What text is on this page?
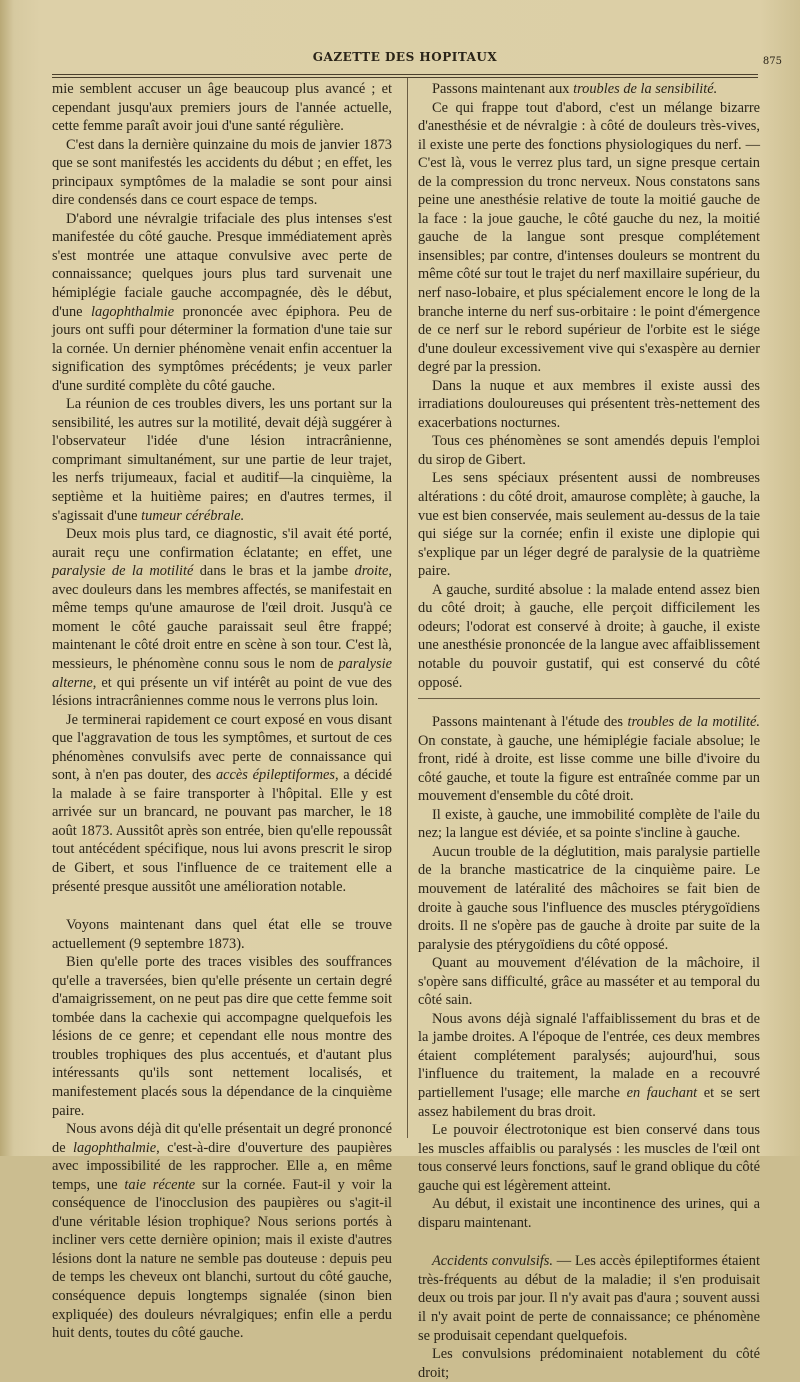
GAZETTE DES HOPITAUX	875

mie semblent accuser un âge beaucoup plus avancé ; et cependant jusqu'aux premiers jours de l'année actuelle, cette femme paraît avoir joui d'une santé régulière.

C'est dans la dernière quinzaine du mois de janvier 1873 que se sont manifestés les accidents du début ; en effet, les principaux symptômes de la maladie se sont pour ainsi dire condensés dans ce court espace de temps.

D'abord une névralgie trifaciale des plus intenses s'est manifestée du côté gauche. Presque immédiatement après s'est montrée une attaque convulsive avec perte de connaissance; quelques jours plus tard survenait une hémiplégie faciale gauche accompagnée, dès le début, d'une lagophthalmie prononcée avec épiphora. Peu de jours ont suffi pour déterminer la formation d'une taie sur la cornée. Un dernier phénomène venait enfin accentuer la signification des symptômes précédents; je veux parler d'une surdité complète du côté gauche.

La réunion de ces troubles divers, les uns portant sur la sensibilité, les autres sur la motilité, devait déjà suggérer à l'observateur l'idée d'une lésion intracrânienne, comprimant simultanément, sur une partie de leur trajet, les nerfs trijumeaux, facial et auditif—la cinquième, la septième et la huitième paires; en d'autres termes, il s'agissait d'une tumeur cérébrale.

Deux mois plus tard, ce diagnostic, s'il avait été porté, aurait reçu une confirmation éclatante; en effet, une paralysie de la motilité dans le bras et la jambe droite, avec douleurs dans les membres affectés, se manifestait en même temps qu'une amaurose de l'œil droit. Jusqu'à ce moment le côté gauche paraissait seul être frappé; maintenant le côté droit entre en scène à son tour. C'est là, messieurs, le phénomène connu sous le nom de paralysie alterne, et qui présente un vif intérêt au point de vue des lésions intracrâniennes comme nous le verrons plus loin.

Je terminerai rapidement ce court exposé en vous disant que l'aggravation de tous les symptômes, et surtout de ces phénomènes convulsifs avec perte de connaissance qui sont, à n'en pas douter, des accès épileptiformes, a décidé la malade à se faire transporter à l'hôpital. Elle y est arrivée sur un brancard, ne pouvant pas marcher, le 18 août 1873. Aussitôt après son entrée, bien qu'elle repoussât tout antécédent spécifique, nous lui avons prescrit le sirop de Gibert, et sous l'influence de ce traitement elle a présenté presque aussitôt une amélioration notable.

Voyons maintenant dans quel état elle se trouve actuellement (9 septembre 1873).

Bien qu'elle porte des traces visibles des souffrances qu'elle a traversées, bien qu'elle présente un certain degré d'amaigrissement, on ne peut pas dire que cette femme soit tombée dans la cachexie qui accompagne quelquefois les lésions de ce genre; et cependant elle nous montre des troubles trophiques des plus accentués, et d'autant plus intéressants qu'ils sont nettement localisés, et manifestement placés sous la dépendance de la cinquième paire.

Nous avons déjà dit qu'elle présentait un degré prononcé de lagophthalmie, c'est-à-dire d'ouverture des paupières avec impossibilité de les rapprocher. Elle a, en même temps, une taie récente sur la cornée. Faut-il y voir la conséquence de l'inocclusion des paupières ou s'agit-il d'une véritable lésion trophique? Nous serions portés à incliner vers cette dernière opinion; mais il existe d'autres lésions dont la nature ne semble pas douteuse : depuis peu de temps les cheveux ont blanchi, surtout du côté gauche, conséquence depuis longtemps signalée (sinon bien expliquée) des douleurs névralgiques; enfin elle a perdu huit dents, toutes du côté gauche.

Passons maintenant aux troubles de la sensibilité.

Ce qui frappe tout d'abord, c'est un mélange bizarre d'anesthésie et de névralgie : à côté de douleurs très-vives, il existe une perte des fonctions physiologiques du nerf. — C'est là, vous le verrez plus tard, un signe presque certain de la compression du tronc nerveux. Nous constatons sans peine une anesthésie relative de toute la moitié gauche de la face : la joue gauche, le côté gauche du nez, la moitié gauche de la langue sont presque complétement insensibles; par contre, d'intenses douleurs se montrent du même côté sur tout le trajet du nerf maxillaire supérieur, du nerf naso-lobaire, et plus spécialement encore le long de la branche interne du nerf sus-orbitaire : le point d'émergence de ce nerf sur le rebord supérieur de l'orbite est le siége d'une douleur excessivement vive qui s'exaspère au dernier degré par la pression.

Dans la nuque et aux membres il existe aussi des irradiations douloureuses qui présentent très-nettement des exacerbations nocturnes.

Tous ces phénomènes se sont amendés depuis l'emploi du sirop de Gibert.

Les sens spéciaux présentent aussi de nombreuses altérations : du côté droit, amaurose complète; à gauche, la vue est bien conservée, mais seulement au-dessus de la taie qui siége sur la cornée; enfin il existe une diplopie qui s'explique par un léger degré de paralysie de la quatrième paire.

A gauche, surdité absolue : la malade entend assez bien du côté droit; à gauche, elle perçoit difficilement les odeurs; l'odorat est conservé à droite; à gauche, il existe une anesthésie prononcée de la langue avec affaiblissement notable du pouvoir gustatif, qui est conservé du côté opposé.

Passons maintenant à l'étude des troubles de la motilité. On constate, à gauche, une hémiplégie faciale absolue; le front, ridé à droite, est lisse comme une bille d'ivoire du côté gauche, et toute la figure est entraînée comme par un mouvement d'ensemble du côté droit.

Il existe, à gauche, une immobilité complète de l'aile du nez; la langue est déviée, et sa pointe s'incline à gauche.

Aucun trouble de la déglutition, mais paralysie partielle de la branche masticatrice de la cinquième paire. Le mouvement de latéralité des mâchoires se fait bien de droite à gauche sous l'influence des muscles ptérygoïdiens droits. Il ne s'opère pas de gauche à droite par suite de la paralysie des ptérygoïdiens du côté opposé.

Quant au mouvement d'élévation de la mâchoire, il s'opère sans difficulté, grâce au masséter et au temporal du côté sain.

Nous avons déjà signalé l'affaiblissement du bras et de la jambe droites. A l'époque de l'entrée, ces deux membres étaient complétement paralysés; aujourd'hui, sous l'influence du traitement, la malade en a recouvré partiellement l'usage; elle marche en fauchant et se sert assez habilement du bras droit.

Le pouvoir électrotonique est bien conservé dans tous les muscles affaiblis ou paralysés : les muscles de l'œil ont tous conservé leurs fonctions, sauf le grand oblique du côté gauche qui est légèrement atteint.

Au début, il existait une incontinence des urines, qui a disparu maintenant.

Accidents convulsifs. — Les accès épileptiformes étaient très-fréquents au début de la maladie; il s'en produisait deux ou trois par jour. Il n'y avait pas d'aura ; souvent aussi il n'y avait point de perte de connaissance; ce phénomène se produisait cependant quelquefois.

Les convulsions prédominaient notablement du côté droit;
